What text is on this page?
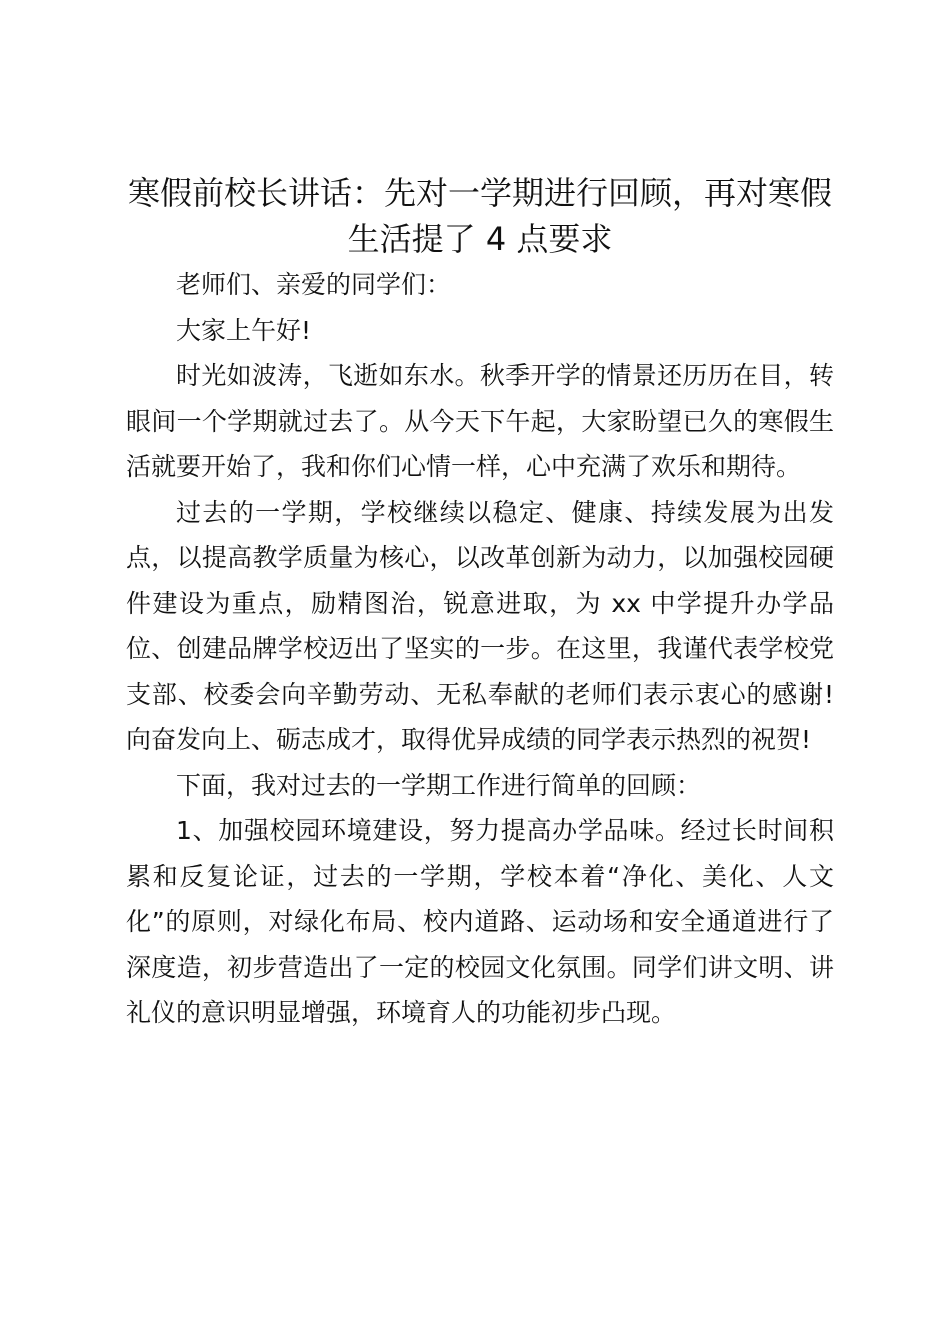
寒假前校长讲话：先对一学期进行回顾，再对寒假生活提了 4 点要求

老师们、亲爱的同学们：

大家上午好!

时光如波涛，飞逝如东水。秋季开学的情景还历历在目，转眼间一个学期就过去了。从今天下午起，大家盼望已久的寒假生活就要开始了，我和你们心情一样，心中充满了欢乐和期待。

过去的一学期，学校继续以稳定、健康、持续发展为出发点，以提高教学质量为核心，以改革创新为动力，以加强校园硬件建设为重点，励精图治，锐意进取，为 xx 中学提升办学品位、创建品牌学校迈出了坚实的一步。在这里，我谨代表学校党支部、校委会向辛勤劳动、无私奉献的老师们表示衷心的感谢!向奋发向上、砺志成才，取得优异成绩的同学表示热烈的祝贺!

下面，我对过去的一学期工作进行简单的回顾：

1、加强校园环境建设，努力提高办学品味。经过长时间积累和反复论证，过去的一学期，学校本着“净化、美化、人文化”的原则，对绿化布局、校内道路、运动场和安全通道进行了深度造，初步营造出了一定的校园文化氛围。同学们讲文明、讲礼仪的意识明显增强，环境育人的功能初步凸现。
